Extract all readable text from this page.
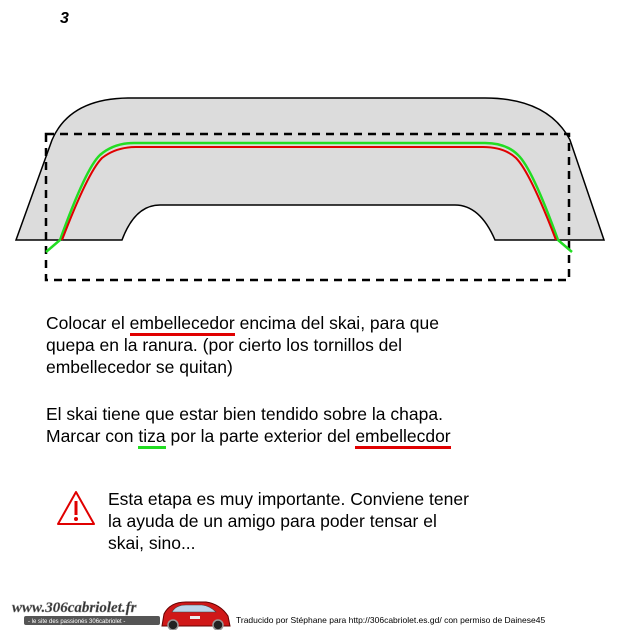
3
Colocar el embellecedor encima del skai, para que
quepa en la ranura. (por cierto los tornillos del
embellecedor se quitan)
El skai tiene que estar bien tendido sobre la chapa.
Marcar con tiza por la parte exterior del embellecdor
Esta etapa es muy importante. Conviene tener
la ayuda de un amigo para poder tensar el
skai, sino...
www.306cabriolet.fr
- le site des passionés 306cabriolet -	Traducido por Stéphane para http://306cabriolet.es.gd/ con permiso de Dainese45
